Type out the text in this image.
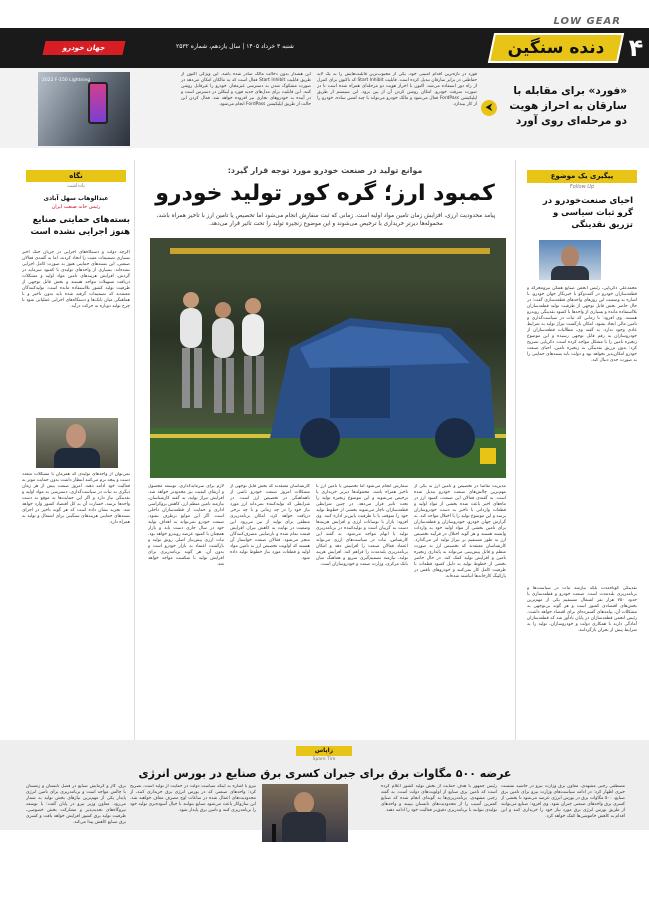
LOW GEAR
۴
دنده سنگین
شنبه ۳ خرداد ۱۴۰۵ | سال یازدهم، شماره ۲۵۳۲
جهان خودرو
«فورد» برای مقابله با سارقان به احراز هویت دو مرحله‌ای روی آورد
⮜
فورد در تازه‌ترین اقدام امنیتی خود، یکی از محبوب‌ترین قابلیت‌هایش را به یک لایه حفاظتی در برابر سارقان تبدیل کرده است. قابلیت Start Inhibit که تاکنون برای کنترل از راه دور استفاده می‌شد، اکنون با احراز هویت دو مرحله‌ای همراه شده است تا در صورت سرقت خودرو، امکان روشن کردن آن از بین برود. این سیستم از طریق اپلیکیشن FordPass فعال می‌شود و مالک خودرو می‌تواند با چند لمس ساده، خودرو را از کار بیندازد.
این هشدار بدون دخالت مالک صادر شده باشد. این ویژگی اکنون از طریق قابلیت Start Inhibit فعال است که به مالکان امکان می‌دهد در صورت مشکوک شدن به دسترسی غیرمجاز، خودرو را غیرقابل روشن کنند. این قابلیت برای مدل‌های جدید فورد و لینکلن در دسترس است و در آینده به خودروهای تجاری نیز افزوده خواهد شد. فعال کردن این حالت از طریق اپلیکیشن FordPass انجام می‌شود.
2022 F-150 Lightning
پیگیری یک موضوع
Follow Up
احیای صنعت‌خودرو در گرو ثبات سیاسی و تزریق نقدینگی
محمدعلی دکریاپی، رئیس انجمن صنایع همگن نیرومحرکه و قطعه‌سازان خودرو در گفت‌وگو با خبرنگار جهان خودرو، با اشاره به وضعیت این روزهای واحدهای قطعه‌سازی گفت: در حال حاضر بخش قابل توجهی از ظرفیت تولید قطعه‌سازان بلااستفاده مانده و بسیاری از واحدها با کمبود نقدینگی روبه‌رو هستند. وی افزود: تا زمانی که ثبات در سیاست‌گذاری و تامین مالی ایجاد نشود، امکان بازگشت تیراژ تولید به شرایط عادی وجود ندارد. به گفته وی، مطالبات قطعه‌سازان از خودروسازان به رقم قابل توجهی رسیده و این موضوع زنجیره تامین را با مشکل مواجه کرده است. دکریاپی تصریح کرد: بدون تزریق نقدینگی به زنجیره تامین، احیای صنعت خودرو امکان‌پذیر نخواهد بود و دولت باید بسته‌های حمایتی را به صورت جدی دنبال کند.
نقدینگی کوتاه‌مدت بلکه نیازمند ثبات در سیاست‌ها و برنامه‌ریزی بلندمدت است. صنعت خودرو و قطعه‌سازی با حدود ۷۵۰ هزار نفر اشتغال مستقیم یکی از مهم‌ترین بخش‌های اقتصادی کشور است و هر گونه بی‌توجهی به مشکلات آن، پیامدهای گسترده‌ای برای اقتصاد خواهد داشت. رئیس انجمن قطعه‌سازان در پایان یادآور شد که قطعه‌سازان آمادگی دارند با همکاری دولت و خودروسازان، تولید را به شرایط پیش از بحران بازگردانند.
نگاه
یادداشت
عبدالوهاب سهل آبادی
رئیس خانه صنعت ایران
بسته‌های حمایتی صنایع هنوز اجرایی نشده است
اگرچه دولت و دستگاه‌های اجرایی در جریان جنگ اخیر بسیاری تصمیمات مثبت را اتخاذ کردند، اما به گفته‌ی فعالان صنعتی، این بسته‌های حمایتی هنوز به صورت کامل اجرایی نشده‌اند. بسیاری از واحدهای تولیدی با کمبود سرمایه در گردش، افزایش هزینه‌های تامین مواد اولیه و مشکلات دریافت تسهیلات مواجه هستند و بخش قابل توجهی از ظرفیت تولید کشور بلااستفاده مانده است. تولیدکنندگان معتقدند که تصمیمات گرفته شده باید بدون تاخیر و با هماهنگی میان بانک‌ها و دستگاه‌های اجرایی عملیاتی شود تا چرخ تولید دوباره به حرکت درآید.
نمی‌توان از واحدهای تولیدی که همزمان با مشکلات متعدد دست و پنجه نرم می‌کنند انتظار داشت بدون حمایت موثر به فعالیت خود ادامه دهند. امروز صنعت بیش از هر زمان دیگری به ثبات در سیاست‌گذاری، دسترسی به مواد اولیه و نقدینگی نیاز دارد و اگر این حمایت‌ها به موقع به دست واحدها نرسد، خسارت آن به کل اقتصاد کشور وارد خواهد شد. تجربه نشان داده است که هر گونه تاخیر در اجرای بسته‌های حمایتی هزینه‌های سنگینی برای اشتغال و تولید به همراه دارد.
موانع تولید در صنعت خودرو مورد توجه قرار گیرد:
کمبود ارز؛ گره کور تولید خودرو
پیامد محدودیت ارزی، افزایش زمان تامین مواد اولیه است. زمانی که ثبت سفارش انجام می‌شود اما تخصیص یا تامین ارز با تاخیر همراه باشد، محموله‌ها دیرتر خریداری یا ترخیص می‌شوند و این موضوع زنجیره تولید را تحت تاثیر قرار می‌دهد.
مدیریت تقاضا در تخصیص و تامین ارز به یکی از مهم‌ترین چالش‌های صنعت خودرو تبدیل شده است. به گفته‌ی فعالان این صنعت، کمبود ارز در ماه‌های اخیر باعث شده بخشی از مواد اولیه و قطعات وارداتی با تاخیر به دست خودروسازان برسد و این موضوع تولید را با اختلال مواجه کند. به گزارش جهان خودرو، خودروسازان و قطعه‌سازان برای تامین بخشی از مواد اولیه خود به واردات وابسته هستند و هر گونه اختلال در فرآیند تخصیص ارز به طور مستقیم بر تیراژ تولید اثر می‌گذارد. کارشناسان معتقدند که تخصیص ارز به صورت منظم و قابل پیش‌بینی می‌تواند به پایداری زنجیره تامین و افزایش تولید کمک کند. در حال حاضر بخشی از خطوط تولید به دلیل کمبود قطعات با ظرفیت کامل کار نمی‌کنند و خودروهای ناقص در پارکینگ کارخانه‌ها انباشته شده‌اند.
سفارش انجام می‌شود اما تخصیص یا تامین ارز با تاخیر همراه باشد، محموله‌ها دیرتر خریداری یا ترخیص می‌شوند و این موضوع زنجیره تولید را تحت تاثیر قرار می‌دهد. در چنین شرایطی قطعه‌سازان ناچار می‌شوند بخشی از خطوط تولید خود را متوقف یا با ظرفیت پایین‌تر اداره کنند. وی افزود: بازار با نوسانات ارزی و افزایش هزینه‌ها دست به گریبان است و تولیدکننده در برنامه‌ریزی تولید با ابهام مواجه می‌شود. به گفته این کارشناس، ثبات در سیاست‌های ارزی می‌تواند اعتماد فعالان صنعت را افزایش دهد و امکان برنامه‌ریزی بلندمدت را فراهم کند. افزایش هزینه تولید، نیازمند تصمیم‌گیری سریع و هماهنگ میان بانک مرکزی، وزارت صمت و خودروسازان است.
کارشناسان معتقدند که بخش قابل توجهی از مشکلات امروز صنعت خودرو ناشی از ناهماهنگی در تخصیص ارز است. در شرایطی که تولیدکننده نمی‌داند ارز مورد نیاز خود را در چه زمانی و با چه نرخی دریافت خواهد کرد، امکان برنامه‌ریزی منطقی برای تولید از بین می‌رود. این وضعیت در نهایت به کاهش تیراژ، افزایش قیمت تمام شده و نارضایتی مصرف‌کنندگان منجر می‌شود. فعالان صنعت خواستار آن هستند که اولویت تخصیص ارز به تامین مواد اولیه و قطعات مورد نیاز خطوط تولید داده شود.
لازم برای سرمایه‌گذاری، توسعه محصول و ارتقای کیفیت نیز محدودتر خواهد شد. افزایش تیراژ تولید، به گفته کارشناسان، نیازمند تامین منظم ارز، کاهش بروکراسی اداری و حمایت از قطعه‌سازان داخلی است. اگر این موانع برطرف نشود، صنعت خودرو نمی‌تواند به اهداف تولید خود در سال جاری دست یابد و بازار همچنان با کمبود عرضه روبه‌رو خواهد بود. ثبات ارزی پیش‌نیاز اصلی رونق تولید و بازگشت اعتماد به بازار خودرو است و بدون آن، هر گونه برنامه‌ریزی برای افزایش تولید با شکست مواجه خواهد شد.
زاپاس
Spare Tire
عرضه ۵۰۰ مگاوات برق برای جبران کسری برق صنایع در بورس انرژی
مصطفی رجبی مشهدی، معاون برق وزارت نیرو در حاشیه نشست خبری اظهار کرد: در ادامه سیاست‌های وزارت نیرو برای تامین برق صنایع، ۵۰۰ مگاوات برق در بورس انرژی عرضه می‌شود تا بخشی از کسری برق واحدهای صنعتی جبران شود. وی افزود: صنایع می‌توانند از طریق بورس انرژی برق مورد نیاز خود را خریداری کنند و این اقدام به کاهش خاموشی‌ها کمک خواهد کرد.
رئیس جمهور با هدف حمایت از بخش تولید کشور اعلام کرده است که تامین برق صنایع از اولویت‌های دولت است. به گفته رجبی مشهدی، برنامه‌ریزی‌ها به گونه‌ای انجام شده که صنایع کمترین آسیب را از محدودیت‌های تابستان ببینند و واحدهای تولیدی بتوانند با برنامه‌ریزی دقیق‌تر فعالیت خود را ادامه دهند.
نیرو با اشاره به اینکه سیاست دولت در حمایت از تولید است، تصریح کرد: واحدهای صنعتی که در بورس انرژی برق خریداری کنند، از محدودیت‌های اعمال شده در ساعات اوج مصرف معاف خواهند شد. این سازوکار باعث می‌شود صنایع بتوانند با خیال آسوده‌تری تولید خود را برنامه‌ریزی کنند و تامین برق پایدار شود.
برق، گاز و گرمایش صنایع در فصل تابستان و زمستان با چالش مواجه است و برنامه‌ریزی برای تامین انرژی پایدار یکی از مهم‌ترین نیازهای بخش تولید به شمار می‌رود. معاون وزیر نیرو در پایان گفت: با توسعه نیروگاه‌های تجدیدپذیر و مشارکت بخش خصوصی، ظرفیت تولید برق کشور افزایش خواهد یافت و کسری برق صنایع کاهش پیدا می‌کند.
